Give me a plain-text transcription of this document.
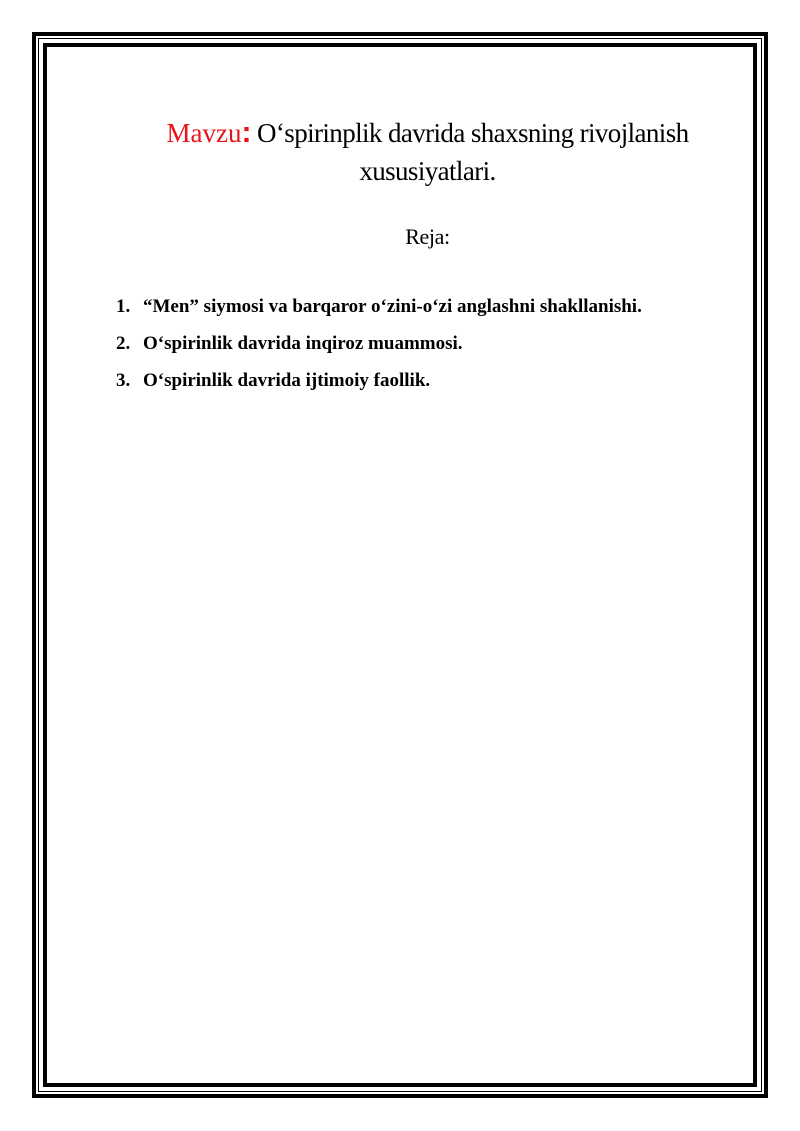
Mavzu: O‘spirinplik davrida shaxsning rivojlanish xususiyatlari.
Reja:
1. “Men” siymosi va barqaror o‘zini-o‘zi anglashni shakllanishi.
2. O‘spirinlik davrida inqiroz muammosi.
3. O‘spirinlik davrida ijtimoiy faollik.
